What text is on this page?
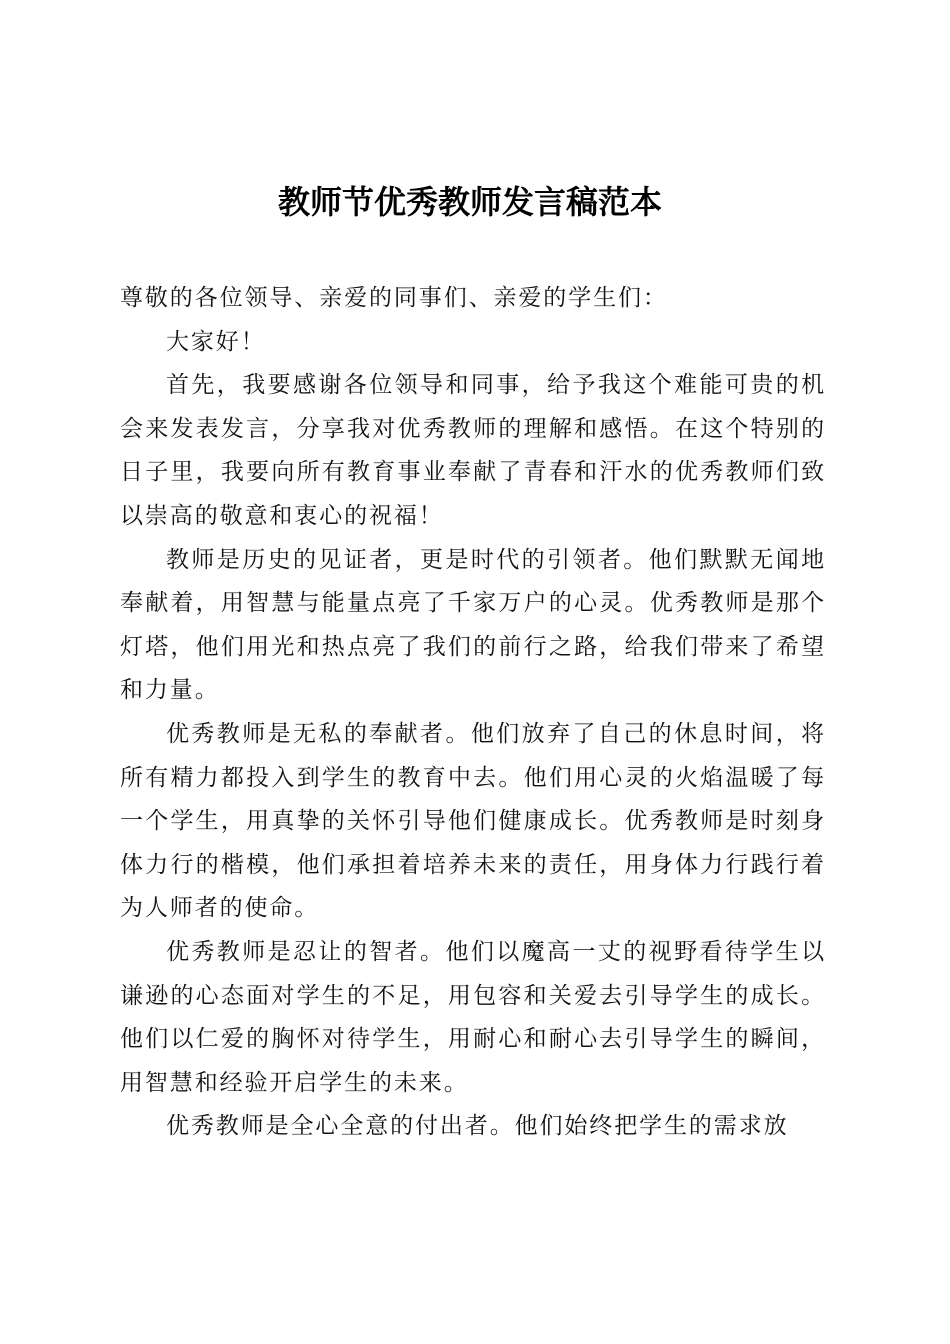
教师节优秀教师发言稿范本

尊敬的各位领导、亲爱的同事们、亲爱的学生们：

大家好！

首先，我要感谢各位领导和同事，给予我这个难能可贵的机会来发表发言，分享我对优秀教师的理解和感悟。在这个特别的日子里，我要向所有教育事业奉献了青春和汗水的优秀教师们致以崇高的敬意和衷心的祝福！

教师是历史的见证者，更是时代的引领者。他们默默无闻地奉献着，用智慧与能量点亮了千家万户的心灵。优秀教师是那个灯塔，他们用光和热点亮了我们的前行之路，给我们带来了希望和力量。

优秀教师是无私的奉献者。他们放弃了自己的休息时间，将所有精力都投入到学生的教育中去。他们用心灵的火焰温暖了每一个学生，用真挚的关怀引导他们健康成长。优秀教师是时刻身体力行的楷模，他们承担着培养未来的责任，用身体力行践行着为人师者的使命。

优秀教师是忍让的智者。他们以魔高一丈的视野看待学生以谦逊的心态面对学生的不足，用包容和关爱去引导学生的成长。他们以仁爱的胸怀对待学生，用耐心和耐心去引导学生的瞬间，用智慧和经验开启学生的未来。

优秀教师是全心全意的付出者。他们始终把学生的需求放
